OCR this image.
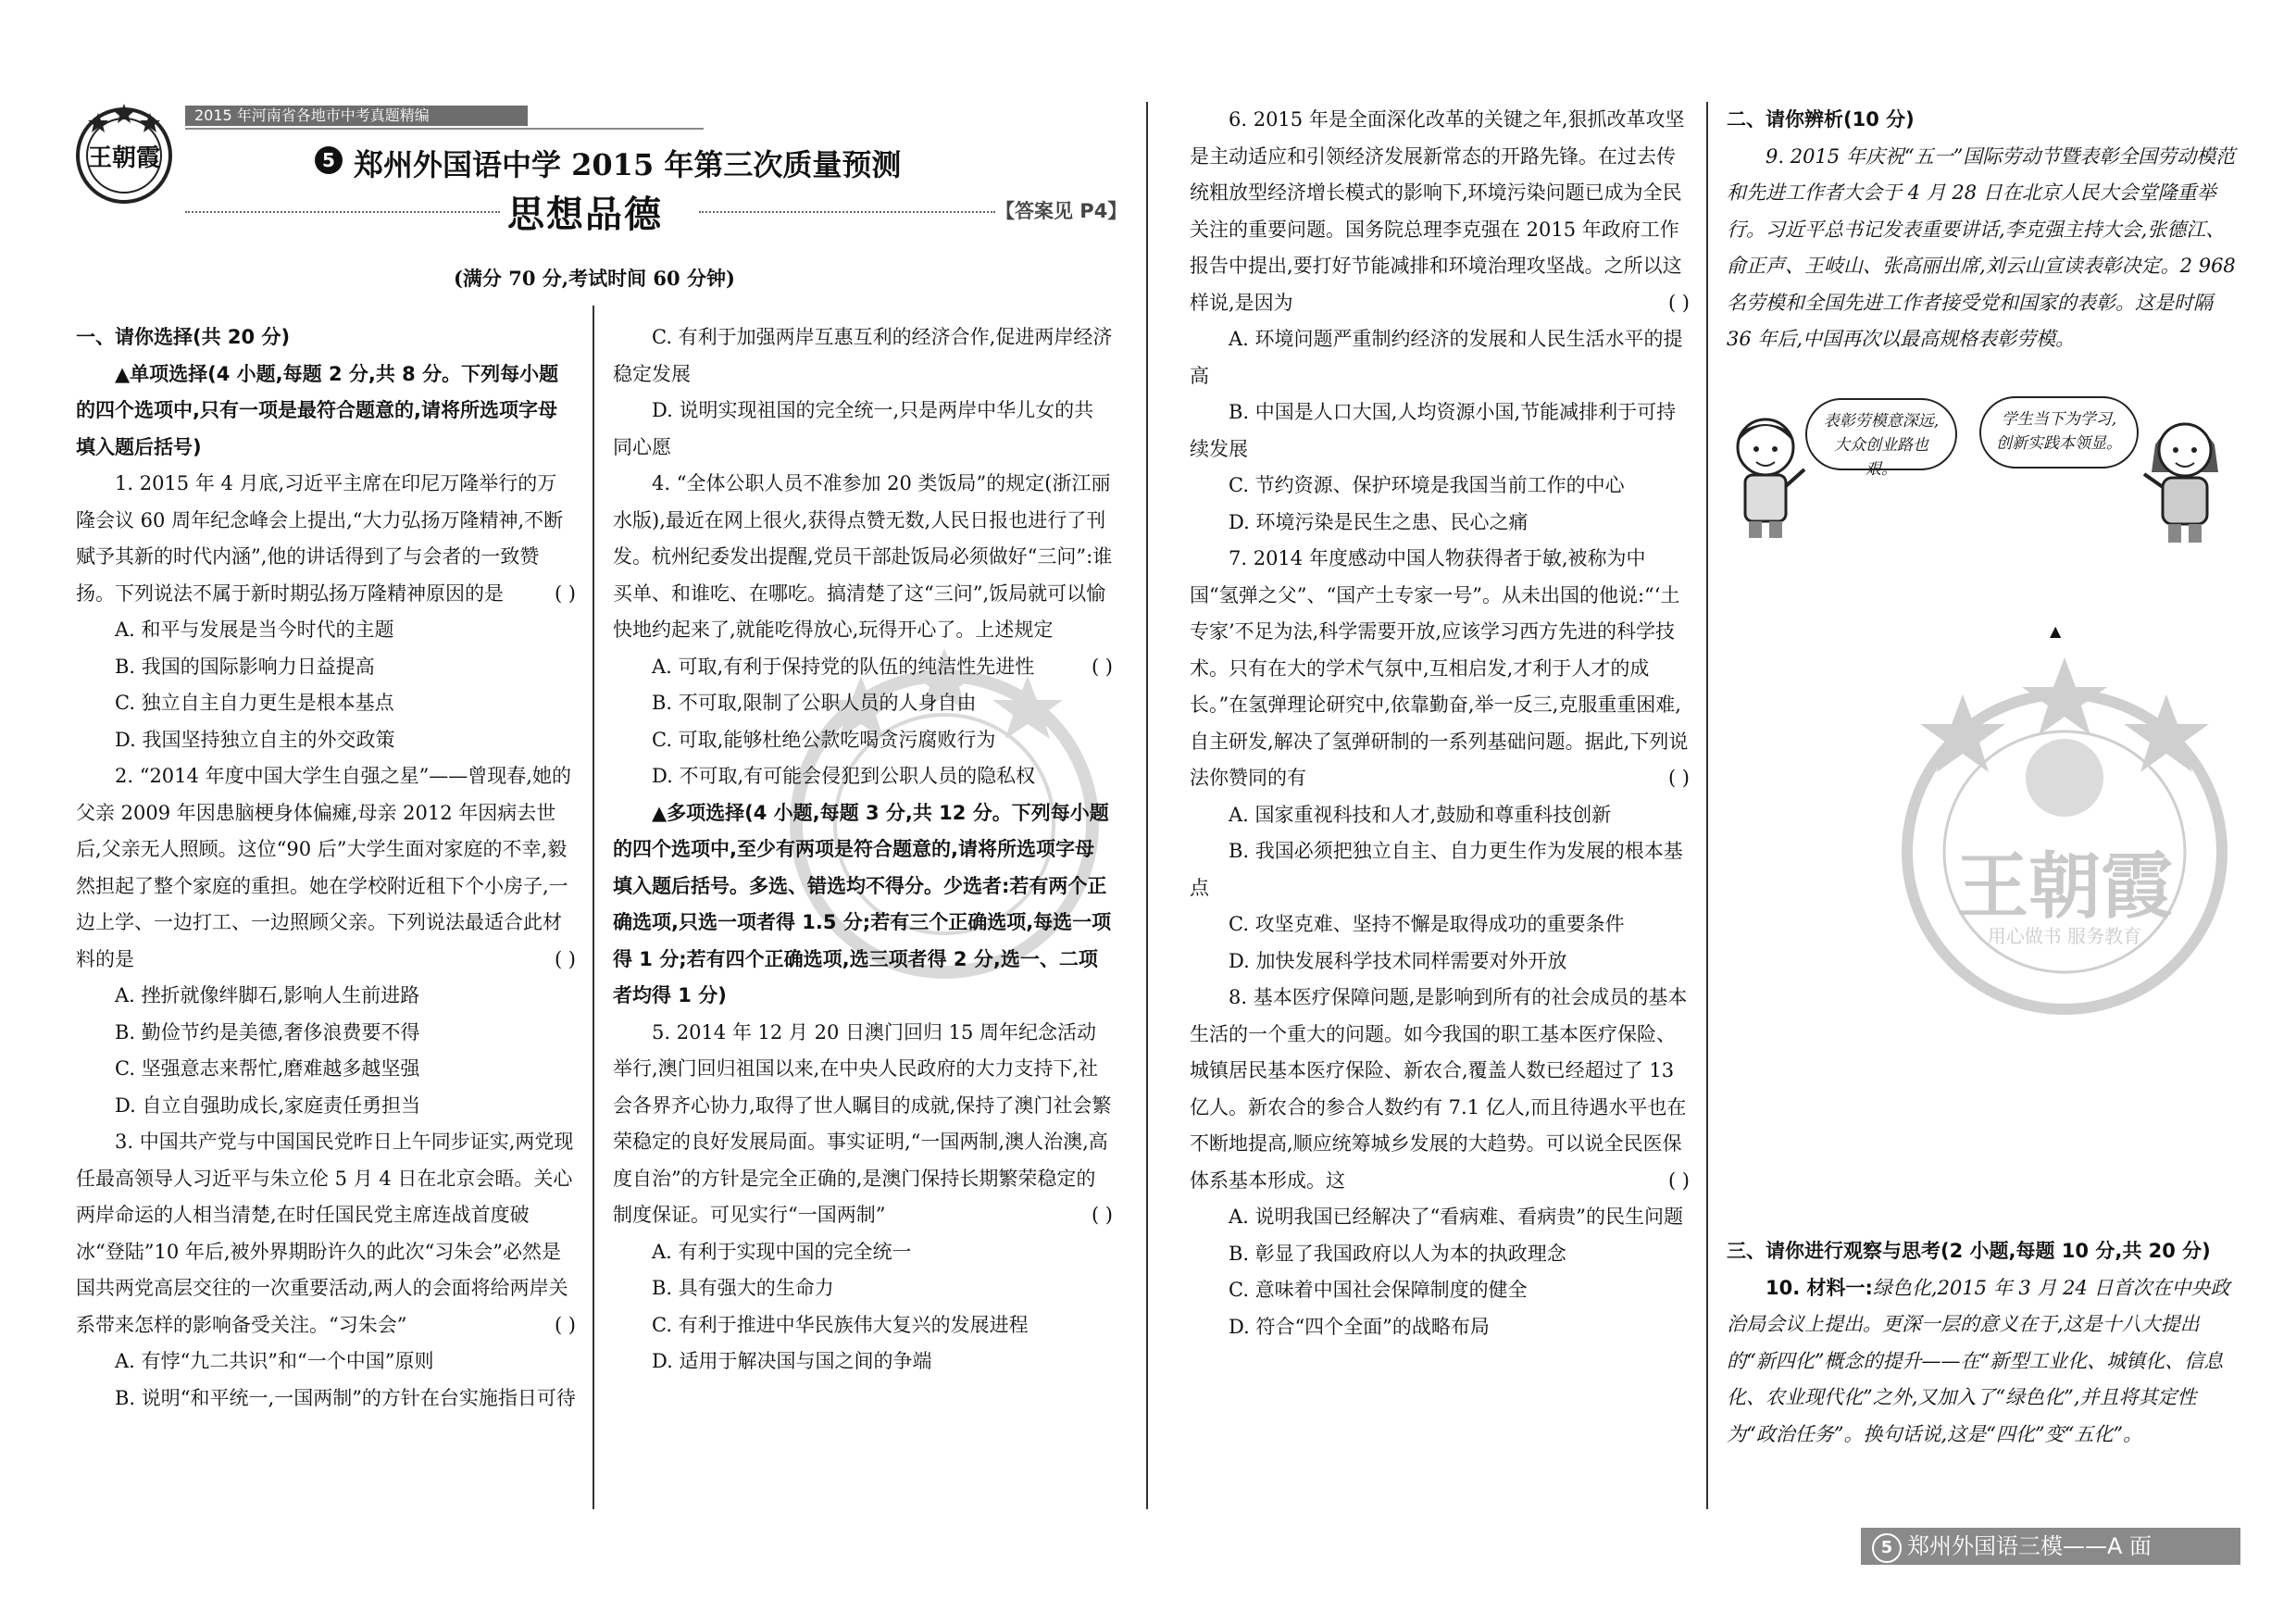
2015 年河南省各地市中考真题精编
王朝霞	5 郑州外国语中学 2015 年第三次质量预测
思想品德	【答案见 P4】
(满分 70 分,考试时间 60 分钟)
王朝霞
用心做书 服务教育
▲

一、请你选择(共 20 分)

▲单项选择(4 小题,每题 2 分,共 8 分。下列每小题的四个选项中,只有一项是最符合题意的,请将所选项字母填入题后括号)

1. 2015 年 4 月底,习近平主席在印尼万隆举行的万隆会议 60 周年纪念峰会上提出,“大力弘扬万隆精神,不断赋予其新的时代内涵”,他的讲话得到了与会者的一致赞扬。下列说法不属于新时期弘扬万隆精神原因的是	( )

A. 和平与发展是当今时代的主题

B. 我国的国际影响力日益提高

C. 独立自主自力更生是根本基点

D. 我国坚持独立自主的外交政策

2. “2014 年度中国大学生自强之星”——曾现春,她的父亲 2009 年因患脑梗身体偏瘫,母亲 2012 年因病去世后,父亲无人照顾。这位“90 后”大学生面对家庭的不幸,毅然担起了整个家庭的重担。她在学校附近租下个小房子,一边上学、一边打工、一边照顾父亲。下列说法最适合此材料的是	( )

A. 挫折就像绊脚石,影响人生前进路

B. 勤俭节约是美德,奢侈浪费要不得

C. 坚强意志来帮忙,磨难越多越坚强

D. 自立自强助成长,家庭责任勇担当

3. 中国共产党与中国国民党昨日上午同步证实,两党现任最高领导人习近平与朱立伦 5 月 4 日在北京会晤。关心两岸命运的人相当清楚,在时任国民党主席连战首度破冰“登陆”10 年后,被外界期盼许久的此次“习朱会”必然是国共两党高层交往的一次重要活动,两人的会面将给两岸关系带来怎样的影响备受关注。“习朱会”	( )

A. 有悖“九二共识”和“一个中国”原则

B. 说明“和平统一,一国两制”的方针在台实施指日可待

C. 有利于加强两岸互惠互利的经济合作,促进两岸经济稳定发展

D. 说明实现祖国的完全统一,只是两岸中华儿女的共同心愿

4. “全体公职人员不准参加 20 类饭局”的规定(浙江丽水版),最近在网上很火,获得点赞无数,人民日报也进行了刊发。杭州纪委发出提醒,党员干部赴饭局必须做好“三问”:谁买单、和谁吃、在哪吃。搞清楚了这“三问”,饭局就可以愉快地约起来了,就能吃得放心,玩得开心了。上述规定
( )

A. 可取,有利于保持党的队伍的纯洁性先进性

B. 不可取,限制了公职人员的人身自由

C. 可取,能够杜绝公款吃喝贪污腐败行为

D. 不可取,有可能会侵犯到公职人员的隐私权

▲多项选择(4 小题,每题 3 分,共 12 分。下列每小题的四个选项中,至少有两项是符合题意的,请将所选项字母填入题后括号。多选、错选均不得分。少选者:若有两个正确选项,只选一项者得 1.5 分;若有三个正确选项,每选一项得 1 分;若有四个正确选项,选三项者得 2 分,选一、二项者均得 1 分)

5. 2014 年 12 月 20 日澳门回归 15 周年纪念活动举行,澳门回归祖国以来,在中央人民政府的大力支持下,社会各界齐心协力,取得了世人瞩目的成就,保持了澳门社会繁荣稳定的良好发展局面。事实证明,“一国两制,澳人治澳,高度自治”的方针是完全正确的,是澳门保持长期繁荣稳定的制度保证。可见实行“一国两制”	( )

A. 有利于实现中国的完全统一

B. 具有强大的生命力

C. 有利于推进中华民族伟大复兴的发展进程

D. 适用于解决国与国之间的争端

6. 2015 年是全面深化改革的关键之年,狠抓改革攻坚是主动适应和引领经济发展新常态的开路先锋。在过去传统粗放型经济增长模式的影响下,环境污染问题已成为全民关注的重要问题。国务院总理李克强在 2015 年政府工作报告中提出,要打好节能减排和环境治理攻坚战。之所以这样说,是因为	( )

A. 环境问题严重制约经济的发展和人民生活水平的提高

B. 中国是人口大国,人均资源小国,节能减排利于可持续发展

C. 节约资源、保护环境是我国当前工作的中心

D. 环境污染是民生之患、民心之痛

7. 2014 年度感动中国人物获得者于敏,被称为中国“氢弹之父”、“国产土专家一号”。从未出国的他说:“‘土专家’不足为法,科学需要开放,应该学习西方先进的科学技术。只有在大的学术气氛中,互相启发,才利于人才的成长。”在氢弹理论研究中,依靠勤奋,举一反三,克服重重困难,自主研发,解决了氢弹研制的一系列基础问题。据此,下列说法你赞同的有	( )

A. 国家重视科技和人才,鼓励和尊重科技创新

B. 我国必须把独立自主、自力更生作为发展的根本基点

C. 攻坚克难、坚持不懈是取得成功的重要条件

D. 加快发展科学技术同样需要对外开放

8. 基本医疗保障问题,是影响到所有的社会成员的基本生活的一个重大的问题。如今我国的职工基本医疗保险、城镇居民基本医疗保险、新农合,覆盖人数已经超过了 13 亿人。新农合的参合人数约有 7.1 亿人,而且待遇水平也在不断地提高,顺应统筹城乡发展的大趋势。可以说全民医保体系基本形成。这	( )

A. 说明我国已经解决了“看病难、看病贵”的民生问题

B. 彰显了我国政府以人为本的执政理念

C. 意味着中国社会保障制度的健全

D. 符合“四个全面”的战略布局

二、请你辨析(10 分)

9. 2015 年庆祝“五一”国际劳动节暨表彰全国劳动模范和先进工作者大会于 4 月 28 日在北京人民大会堂隆重举行。习近平总书记发表重要讲话,李克强主持大会,张德江、俞正声、王岐山、张高丽出席,刘云山宣读表彰决定。2 968 名劳模和全国先进工作者接受党和国家的表彰。这是时隔 36 年后,中国再次以最高规格表彰劳模。

表彰劳模意深远,大众创业路也艰。
学生当下为学习,创新实践本领显。

三、请你进行观察与思考(2 小题,每题 10 分,共 20 分)

10. 材料一:绿色化,2015 年 3 月 24 日首次在中央政治局会议上提出。更深一层的意义在于,这是十八大提出的“新四化”概念的提升——在“新型工业化、城镇化、信息化、农业现代化”之外,又加入了“绿色化”,并且将其定性为“政治任务”。换句话说,这是“四化”变“五化”。

5 郑州外国语三模——A 面
